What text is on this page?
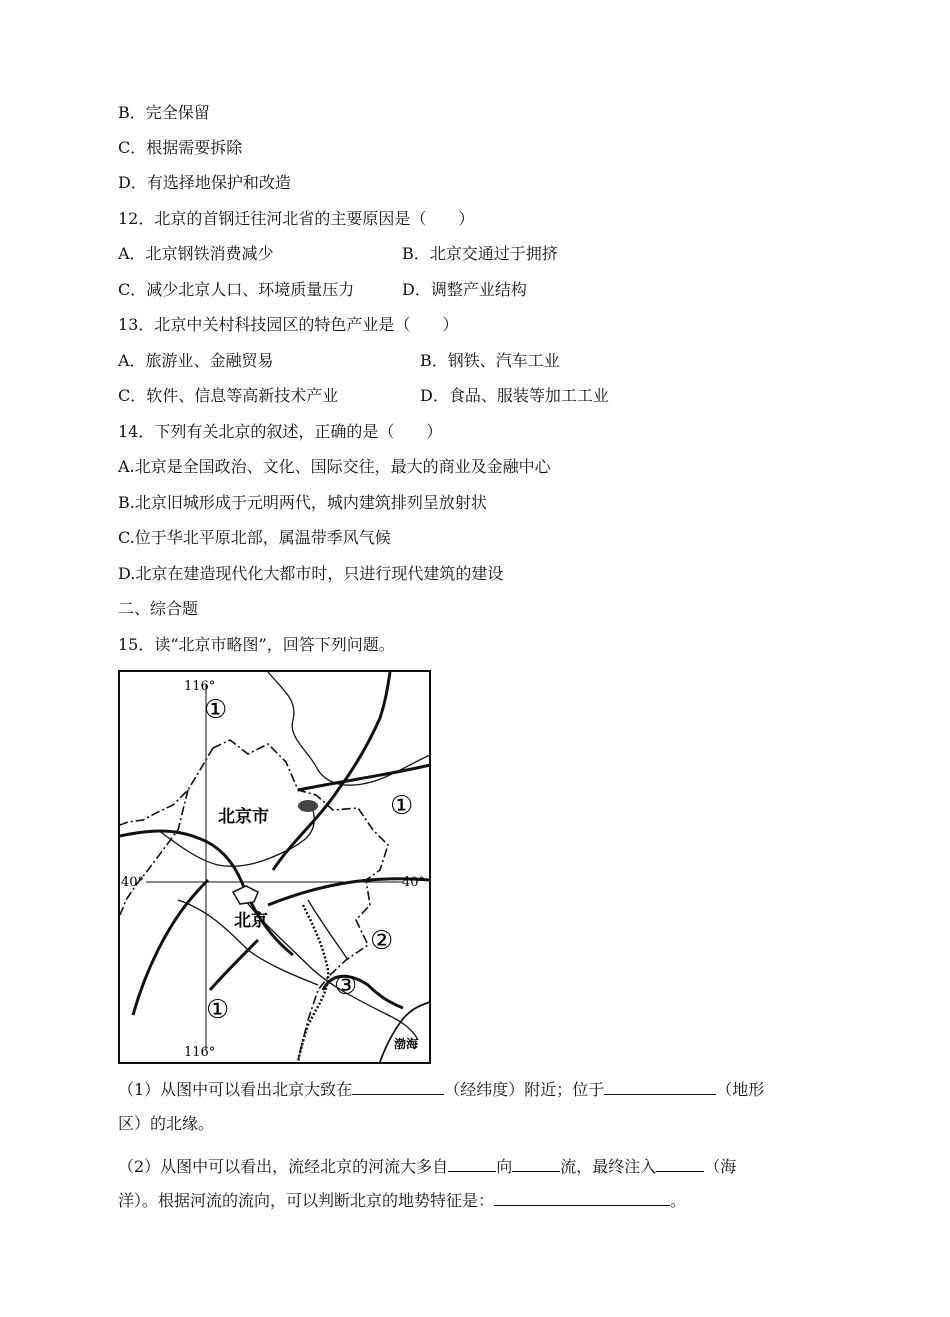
B．完全保留
C．根据需要拆除
D．有选择地保护和改造
12．北京的首钢迁往河北省的主要原因是（　　）
A．北京钢铁消费减少	B．北京交通过于拥挤
C．减少北京人口、环境质量压力	D．调整产业结构
13．北京中关村科技园区的特色产业是（　　）
A．旅游业、金融贸易	B．钢铁、汽车工业
C．软件、信息等高新技术产业	D．食品、服装等加工工业
14．下列有关北京的叙述，正确的是（　　）
A.北京是全国政治、文化、国际交往，最大的商业及金融中心
B.北京旧城形成于元明两代，城内建筑排列呈放射状
C.位于华北平原北部，属温带季风气候
D.北京在建造现代化大都市时，只进行现代建筑的建设
二、综合题
15．读“北京市略图”，回答下列问题。
116°
116°
40°	40°
北京市
北京
渤海
①
①
①
②
③
（1）从图中可以看出北京大致在	（经纬度）附近；位于	（地形
区）的北缘。
（2）从图中可以看出，流经北京的河流大多自	向	流，最终注入	（海
洋）。根据河流的流向，可以判断北京的地势特征是：	。
